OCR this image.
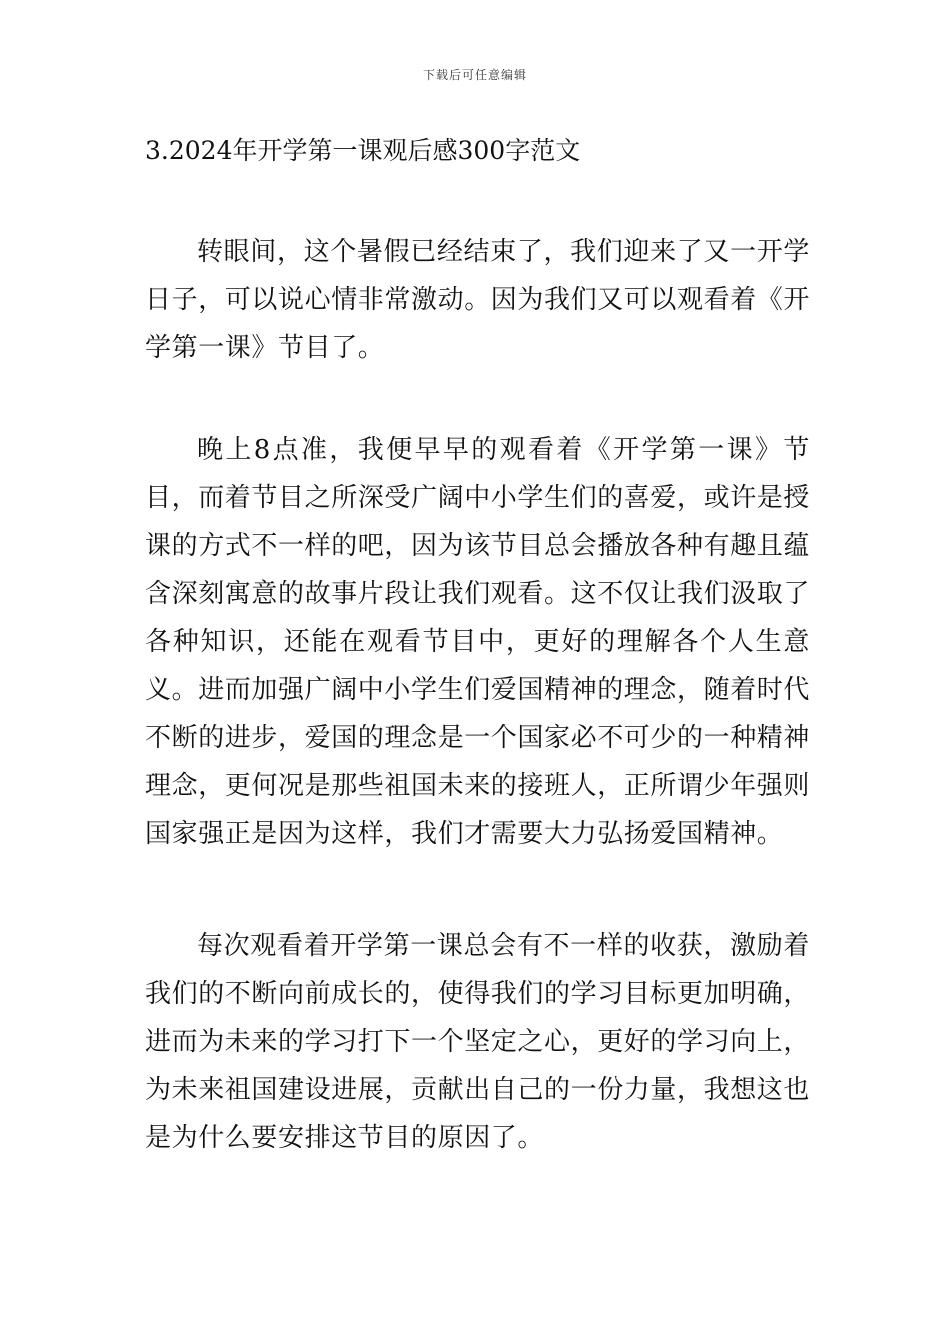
下载后可任意编辑
3.2024年开学第一课观后感300字范文

转眼间，这个暑假已经结束了，我们迎来了又一开学日子，可以说心情非常激动。因为我们又可以观看着《开学第一课》节目了。

晚上8点准，我便早早的观看着《开学第一课》节目，而着节目之所深受广阔中小学生们的喜爱，或许是授课的方式不一样的吧，因为该节目总会播放各种有趣且蕴含深刻寓意的故事片段让我们观看。这不仅让我们汲取了各种知识，还能在观看节目中，更好的理解各个人生意义。进而加强广阔中小学生们爱国精神的理念，随着时代不断的进步，爱国的理念是一个国家必不可少的一种精神理念，更何况是那些祖国未来的接班人，正所谓少年强则国家强正是因为这样，我们才需要大力弘扬爱国精神。

每次观看着开学第一课总会有不一样的收获，激励着我们的不断向前成长的，使得我们的学习目标更加明确，进而为未来的学习打下一个坚定之心，更好的学习向上，为未来祖国建设进展，贡献出自己的一份力量，我想这也是为什么要安排这节目的原因了。
